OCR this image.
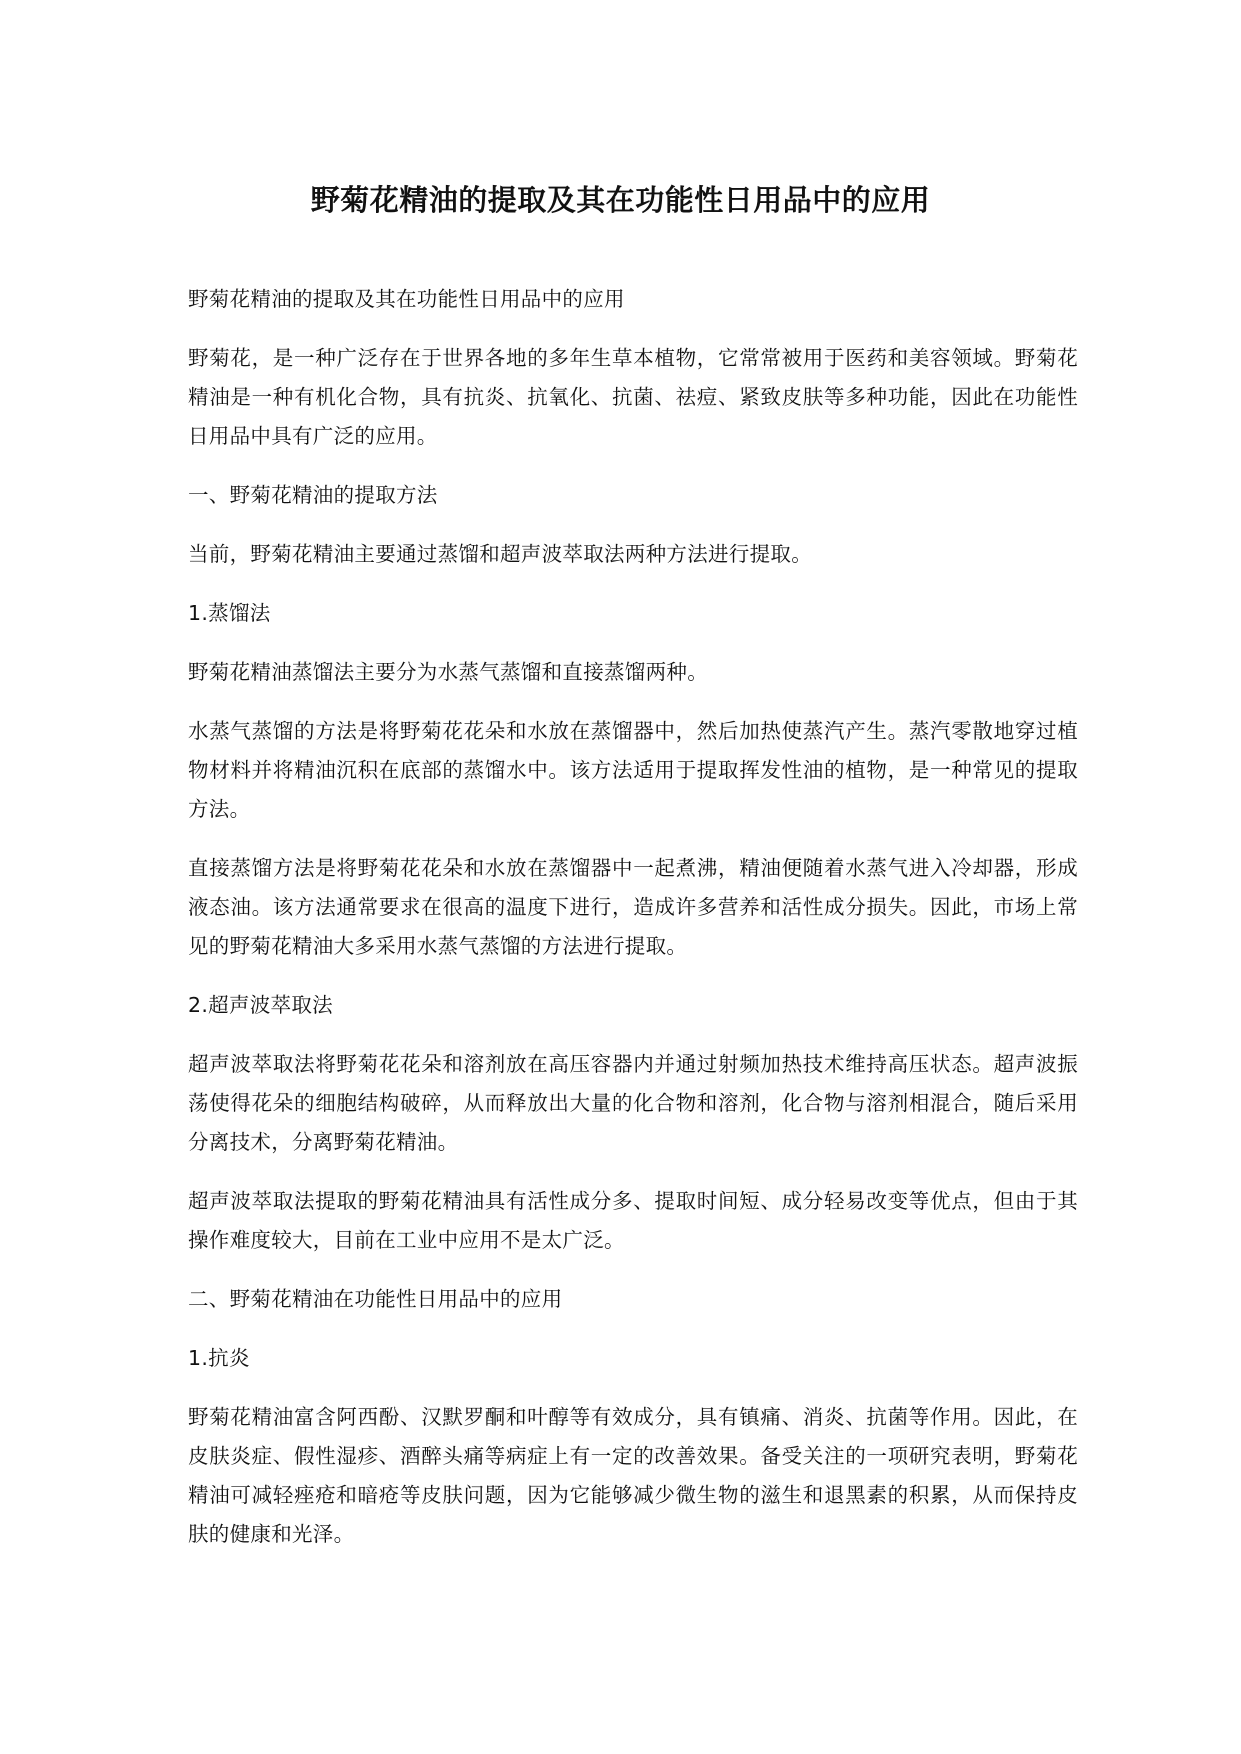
野菊花精油的提取及其在功能性日用品中的应用

野菊花精油的提取及其在功能性日用品中的应用

野菊花，是一种广泛存在于世界各地的多年生草本植物，它常常被用于医药和美容领域。野菊花精油是一种有机化合物，具有抗炎、抗氧化、抗菌、祛痘、紧致皮肤等多种功能，因此在功能性日用品中具有广泛的应用。

一、野菊花精油的提取方法

当前，野菊花精油主要通过蒸馏和超声波萃取法两种方法进行提取。

1.蒸馏法

野菊花精油蒸馏法主要分为水蒸气蒸馏和直接蒸馏两种。

水蒸气蒸馏的方法是将野菊花花朵和水放在蒸馏器中，然后加热使蒸汽产生。蒸汽零散地穿过植物材料并将精油沉积在底部的蒸馏水中。该方法适用于提取挥发性油的植物，是一种常见的提取方法。

直接蒸馏方法是将野菊花花朵和水放在蒸馏器中一起煮沸，精油便随着水蒸气进入冷却器，形成液态油。该方法通常要求在很高的温度下进行，造成许多营养和活性成分损失。因此，市场上常见的野菊花精油大多采用水蒸气蒸馏的方法进行提取。

2.超声波萃取法

超声波萃取法将野菊花花朵和溶剂放在高压容器内并通过射频加热技术维持高压状态。超声波振荡使得花朵的细胞结构破碎，从而释放出大量的化合物和溶剂，化合物与溶剂相混合，随后采用分离技术，分离野菊花精油。

超声波萃取法提取的野菊花精油具有活性成分多、提取时间短、成分轻易改变等优点，但由于其操作难度较大，目前在工业中应用不是太广泛。

二、野菊花精油在功能性日用品中的应用

1.抗炎

野菊花精油富含阿西酚、汉默罗酮和叶醇等有效成分，具有镇痛、消炎、抗菌等作用。因此，在皮肤炎症、假性湿疹、酒醉头痛等病症上有一定的改善效果。备受关注的一项研究表明，野菊花精油可减轻痤疮和暗疮等皮肤问题，因为它能够减少微生物的滋生和退黑素的积累，从而保持皮肤的健康和光泽。
